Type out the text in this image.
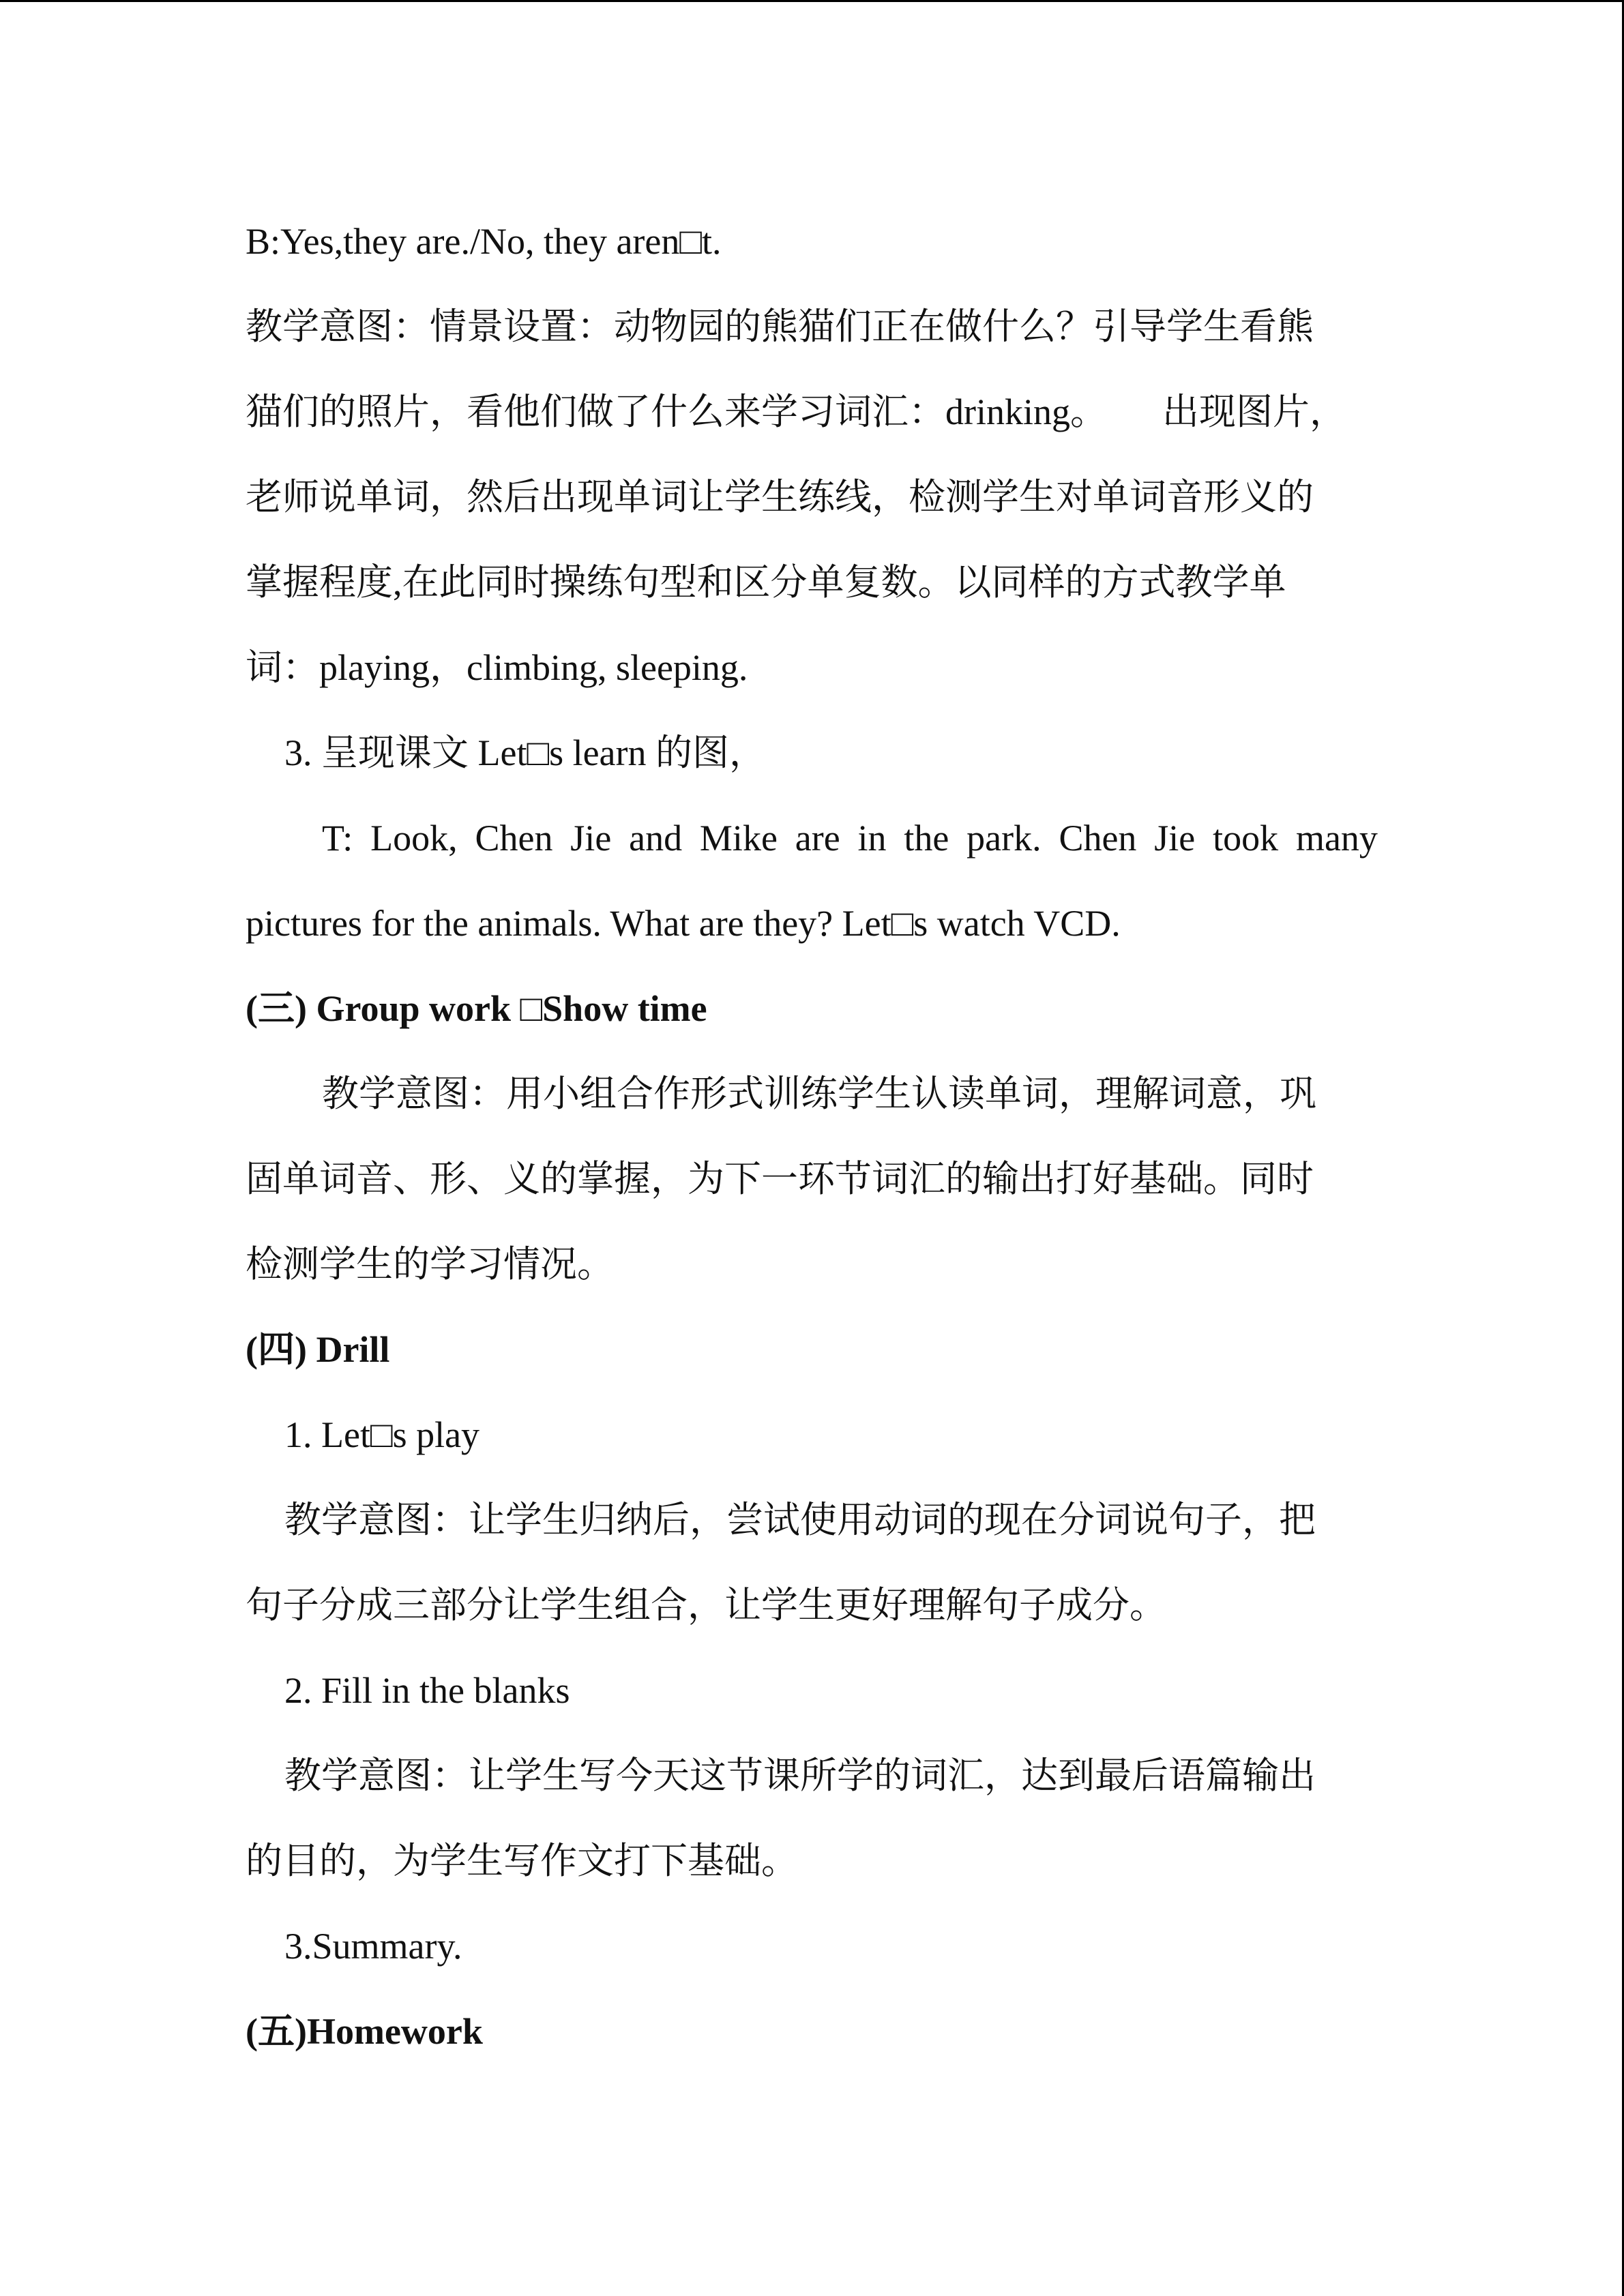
B:Yes,they are./No, they aren□t.
教学意图：情景设置：动物园的熊猫们正在做什么？引导学生看熊
猫们的照片，看他们做了什么来学习词汇：drinking。　　出现图片，
老师说单词，然后出现单词让学生练线，检测学生对单词音形义的
掌握程度,在此同时操练句型和区分单复数。以同样的方式教学单
词：playing，climbing, sleeping.
3. 呈现课文 Let□s learn 的图，
T: Look, Chen Jie and Mike are in the park. Chen Jie took many
pictures for the animals. What are they? Let□s watch VCD.
(三) Group work □Show time
教学意图：用小组合作形式训练学生认读单词，理解词意，巩
固单词音、形、义的掌握，为下一环节词汇的输出打好基础。同时
检测学生的学习情况。
(四) Drill
1. Let□s play
教学意图：让学生归纳后，尝试使用动词的现在分词说句子，把
句子分成三部分让学生组合，让学生更好理解句子成分。
2. Fill in the blanks
教学意图：让学生写今天这节课所学的词汇，达到最后语篇输出
的目的，为学生写作文打下基础。
3.Summary.
(五)Homework
